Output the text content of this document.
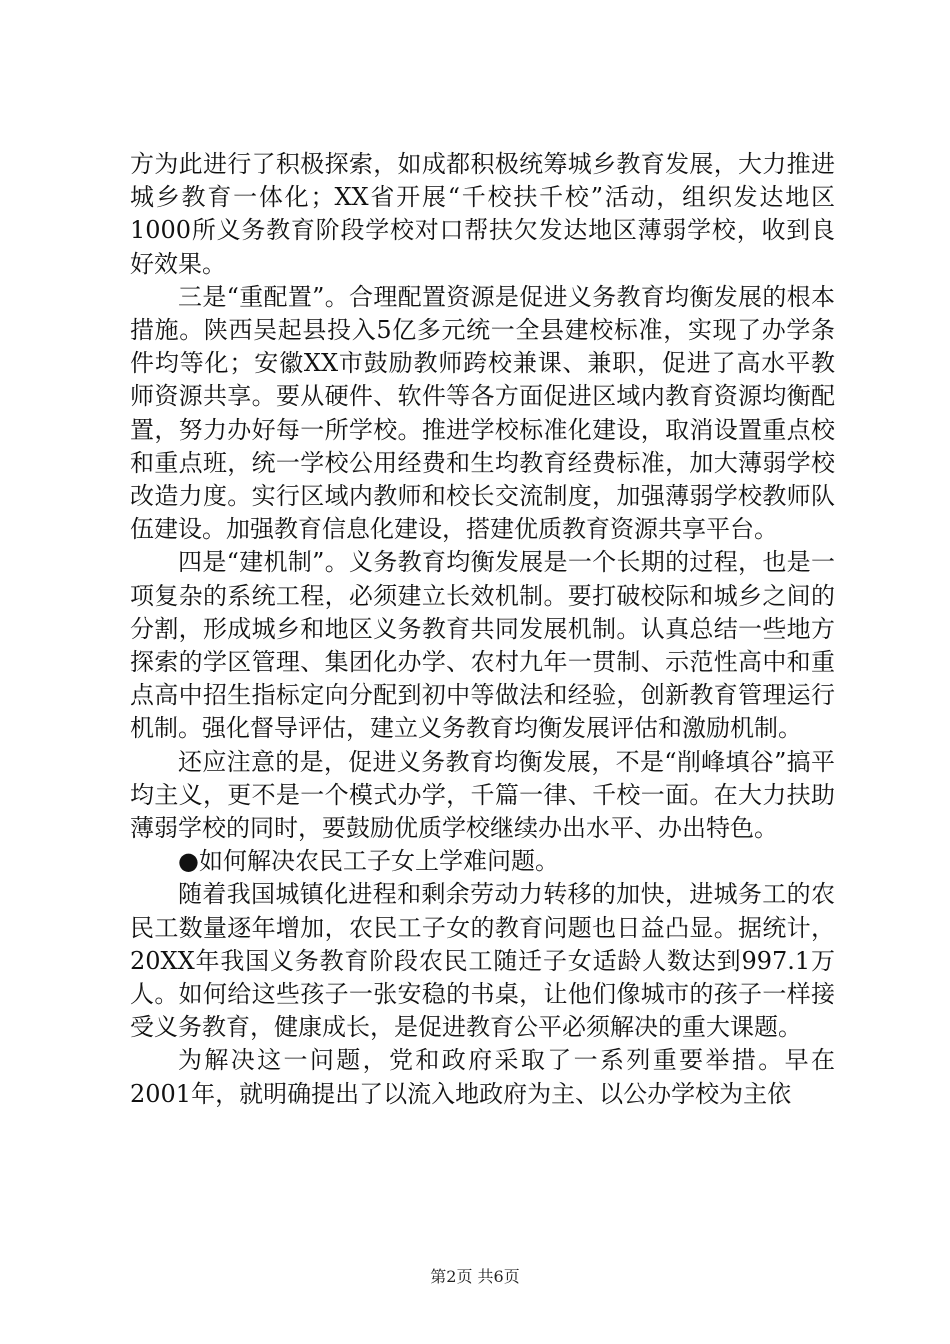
方为此进行了积极探索，如成都积极统筹城乡教育发展，大力推进城乡教育一体化；XX省开展“千校扶千校”活动，组织发达地区1000所义务教育阶段学校对口帮扶欠发达地区薄弱学校，收到良好效果。

三是“重配置”。合理配置资源是促进义务教育均衡发展的根本措施。陕西吴起县投入5亿多元统一全县建校标准，实现了办学条件均等化；安徽XX市鼓励教师跨校兼课、兼职，促进了高水平教师资源共享。要从硬件、软件等各方面促进区域内教育资源均衡配置，努力办好每一所学校。推进学校标准化建设，取消设置重点校和重点班，统一学校公用经费和生均教育经费标准，加大薄弱学校改造力度。实行区域内教师和校长交流制度，加强薄弱学校教师队伍建设。加强教育信息化建设，搭建优质教育资源共享平台。

四是“建机制”。义务教育均衡发展是一个长期的过程，也是一项复杂的系统工程，必须建立长效机制。要打破校际和城乡之间的分割，形成城乡和地区义务教育共同发展机制。认真总结一些地方探索的学区管理、集团化办学、农村九年一贯制、示范性高中和重点高中招生指标定向分配到初中等做法和经验，创新教育管理运行机制。强化督导评估，建立义务教育均衡发展评估和激励机制。

还应注意的是，促进义务教育均衡发展，不是“削峰填谷”搞平均主义，更不是一个模式办学，千篇一律、千校一面。在大力扶助薄弱学校的同时，要鼓励优质学校继续办出水平、办出特色。

●如何解决农民工子女上学难问题。

随着我国城镇化进程和剩余劳动力转移的加快，进城务工的农民工数量逐年增加，农民工子女的教育问题也日益凸显。据统计，20XX年我国义务教育阶段农民工随迁子女适龄人数达到997.1万人。如何给这些孩子一张安稳的书桌，让他们像城市的孩子一样接受义务教育，健康成长，是促进教育公平必须解决的重大课题。

为解决这一问题，党和政府采取了一系列重要举措。早在2001年，就明确提出了以流入地政府为主、以公办学校为主依

第2页 共6页
